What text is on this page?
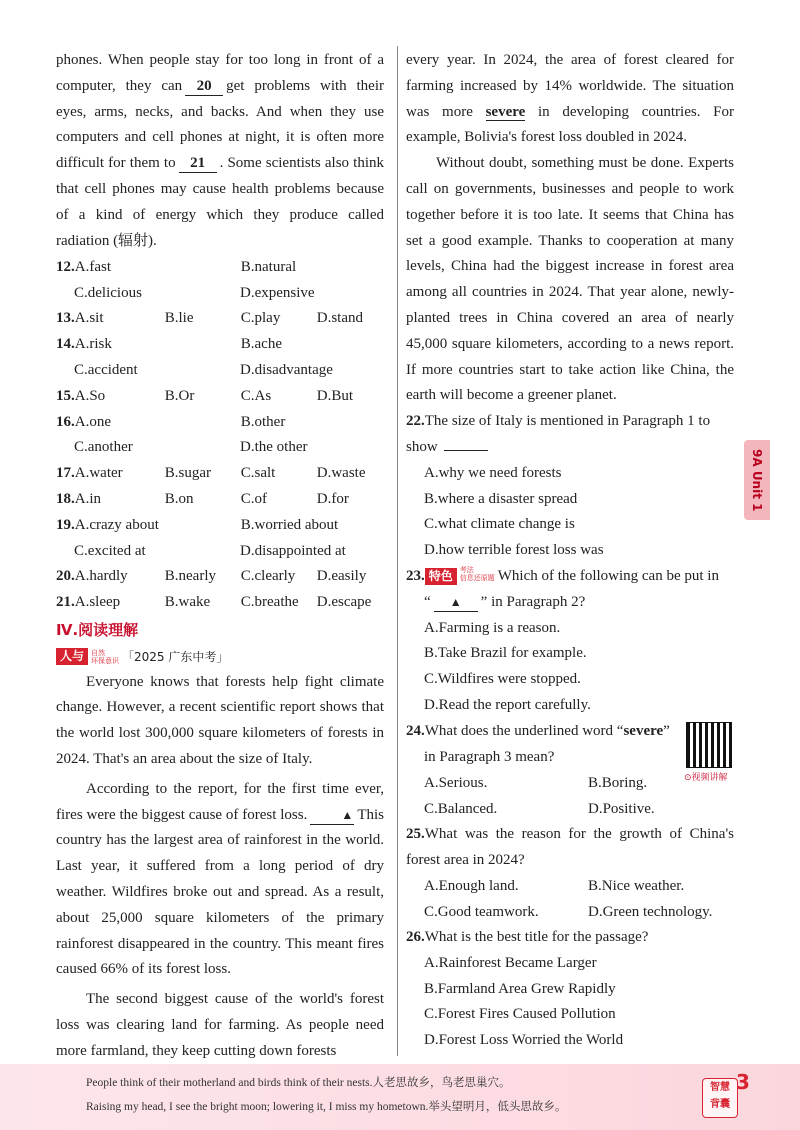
phones. When people stay for too long in front of a computer, they can 20 get problems with their eyes, arms, necks, and backs. And when they use computers and cell phones at night, it is often more difficult for them to 21 . Some scientists also think that cell phones may cause health problems because of a kind of energy which they produce called radiation (辐射).

12. A.fast	B.natural
C.delicious	D.expensive
13. A.sit	B.lie	C.play	D.stand
14. A.risk	B.ache
C.accident	D.disadvantage
15. A.So	B.Or	C.As	D.But
16. A.one	B.other
C.another	D.the other
17. A.water	B.sugar	C.salt	D.waste
18. A.in	B.on	C.of	D.for
19. A.crazy about	B.worried about
C.excited at	D.disappointed at
20. A.hardly	B.nearly	C.clearly	D.easily
21. A.sleep	B.wake	C.breathe	D.escape
Ⅳ.阅读理解
人与	自然
环保意识 「2025 广东中考」

Everyone knows that forests help fight climate change. However, a recent scientific report shows that the world lost 300,000 square kilometers of forests in 2024. That's an area about the size of Italy.

According to the report, for the first time ever, fires were the biggest cause of forest loss.	▲ This country has the largest area of rainforest in the world. Last year, it suffered from a long period of dry weather. Wildfires broke out and spread. As a result, about 25,000 square kilometers of the primary rainforest disappeared in the country. This meant fires caused 66% of its forest loss.

The second biggest cause of the world's forest loss was clearing land for farming. As people need more farmland, they keep cutting down forests

every year. In 2024, the area of forest cleared for farming increased by 14% worldwide. The situation was more severe in developing countries. For example, Bolivia's forest loss doubled in 2024.

Without doubt, something must be done. Experts call on governments, businesses and people to work together before it is too late. It seems that China has set a good example. Thanks to cooperation at many levels, China had the biggest increase in forest area among all countries in 2024. That year alone, newly-planted trees in China covered an area of nearly 45,000 square kilometers, according to a news report. If more countries start to take action like China, the earth will become a greener planet.

22.The size of Italy is mentioned in Paragraph 1 to show
A.why we need forests
B.where a disaster spread
C.what climate change is
D.how terrible forest loss was
23. 特色 考法
信息还原题 Which of the following can be put in
“ ▲ ” in Paragraph 2?
A.Farming is a reason.
B.Take Brazil for example.
C.Wildfires were stopped.
D.Read the report carefully.
24.What does the underlined word “severe”
in Paragraph 3 mean?
A.Serious.	B.Boring.
C.Balanced.	D.Positive.
25.What was the reason for the growth of China's forest area in 2024?
A.Enough land.	B.Nice weather.
C.Good teamwork.	D.Green technology.
26.What is the best title for the passage?
A.Rainforest Became Larger
B.Farmland Area Grew Rapidly
C.Forest Fires Caused Pollution
D.Forest Loss Worried the World
⊙视频讲解
9A Unit 1
People think of their motherland and birds think of their nests.人老思故乡，鸟老思巢穴。
Raising my head, I see the bright moon; lowering it, I miss my hometown.举头望明月，低头思故乡。
智慧
背囊
3
